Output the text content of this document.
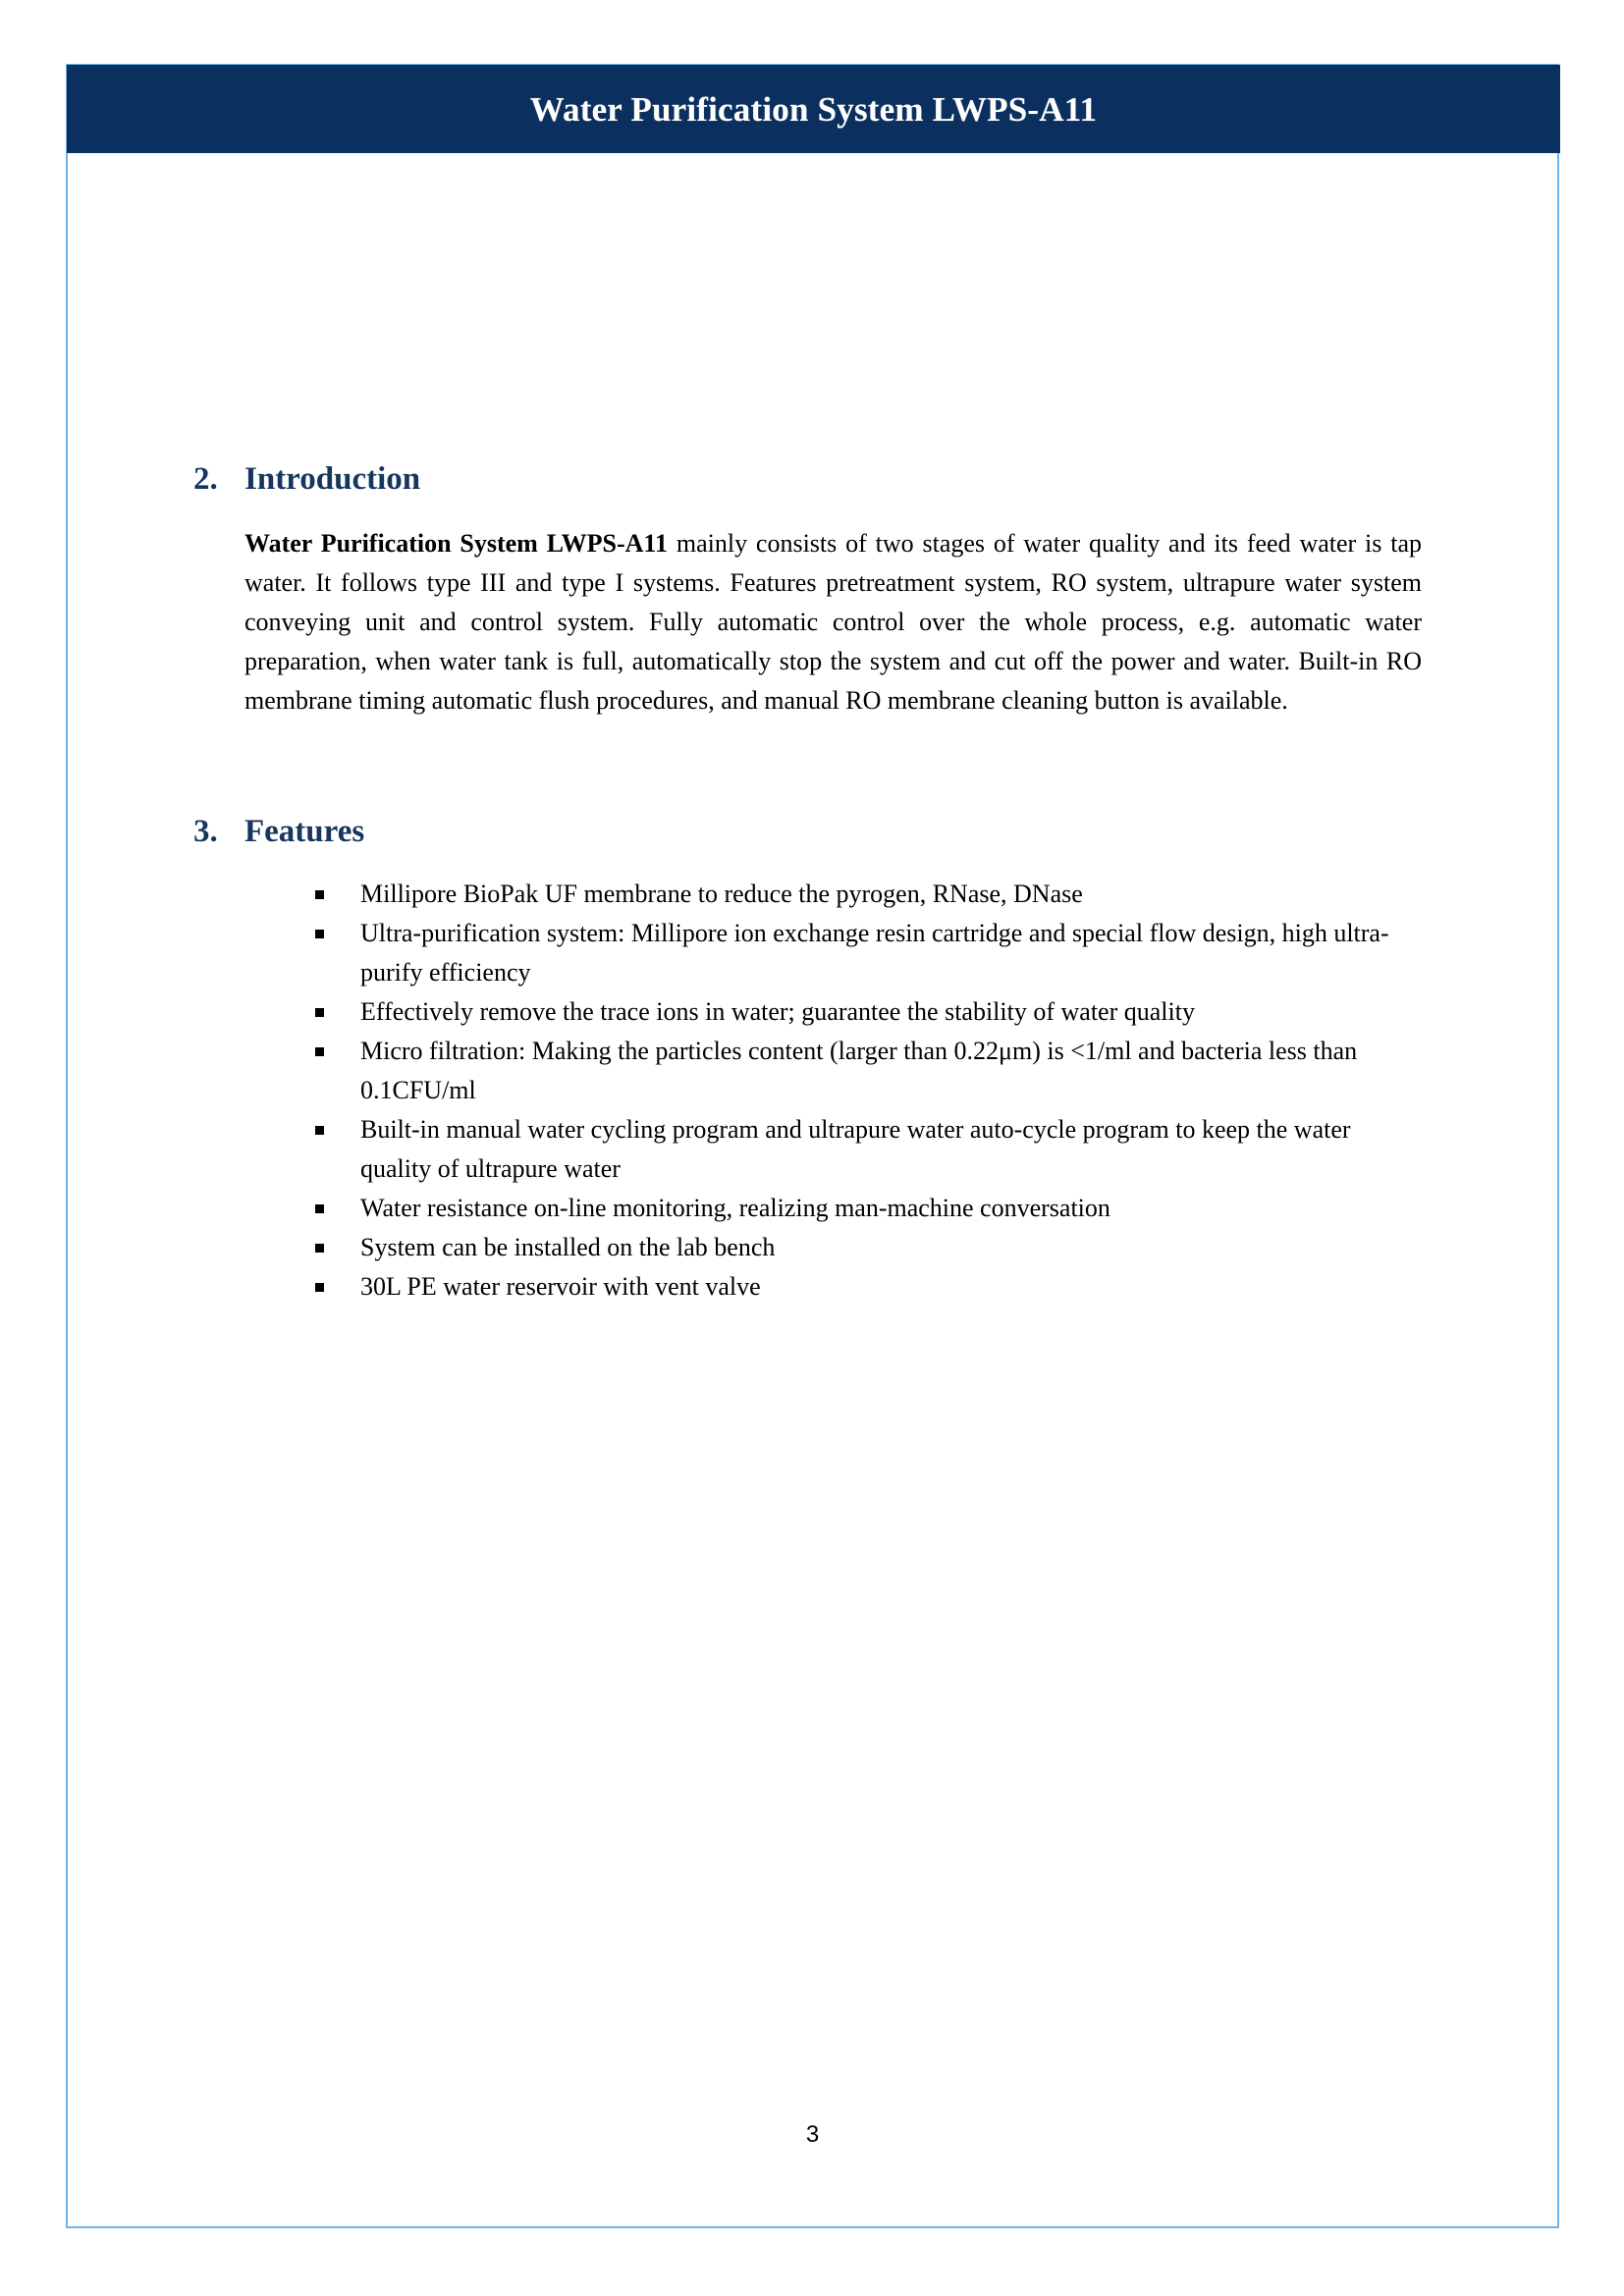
Water Purification System LWPS-A11
2. Introduction

Water Purification System LWPS-A11 mainly consists of two stages of water quality and its feed water is tap water. It follows type III and type I systems. Features pretreatment system, RO system, ultrapure water system conveying unit and control system. Fully automatic control over the whole process, e.g. automatic water preparation, when water tank is full, automatically stop the system and cut off the power and water. Built-in RO membrane timing automatic flush procedures, and manual RO membrane cleaning button is available.

3. Features
Millipore BioPak UF membrane to reduce the pyrogen, RNase, DNase
Ultra-purification system: Millipore ion exchange resin cartridge and special flow design, high ultra-purify efficiency
Effectively remove the trace ions in water; guarantee the stability of water quality
Micro filtration: Making the particles content (larger than 0.22μm) is <1/ml and bacteria less than 0.1CFU/ml
Built-in manual water cycling program and ultrapure water auto-cycle program to keep the water quality of ultrapure water
Water resistance on-line monitoring, realizing man-machine conversation
System can be installed on the lab bench
30L PE water reservoir with vent valve
3
